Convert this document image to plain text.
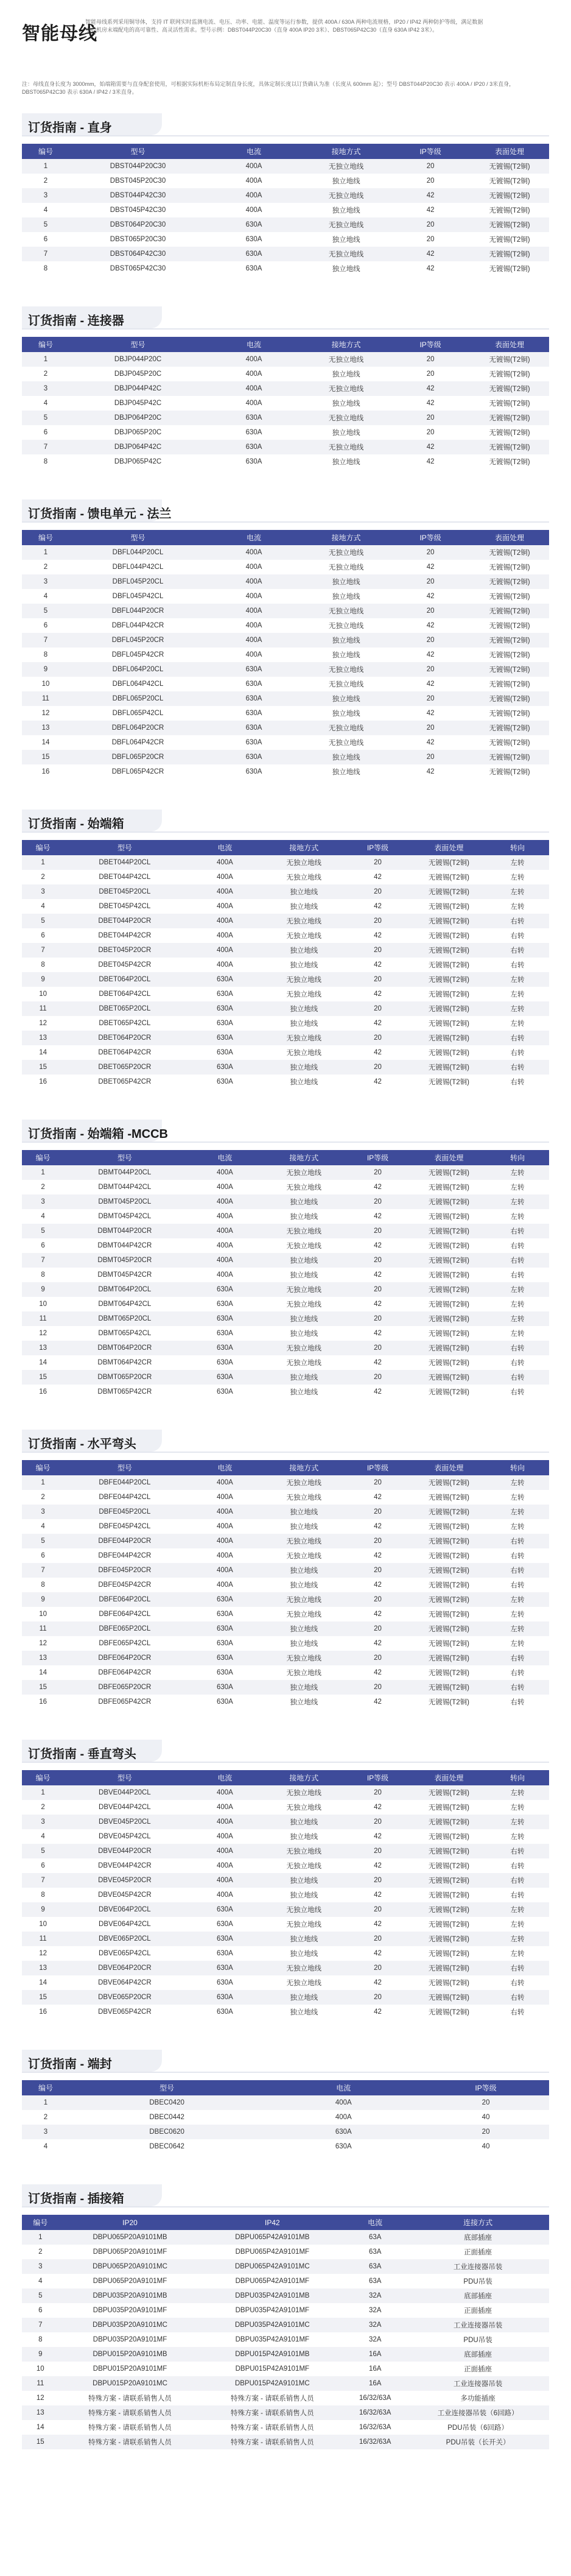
智能母线
智能母线系列采用铜导体，支持 IT 联网实时监测电流、电压、功率、电能、温度等运行参数，提供 400A / 630A 两种电流规格，IP20 / IP42 两种防护等级，满足数据中心机房末端配电的高可靠性、高灵活性需求。型号示例：DBST044P20C30（直身 400A IP20 3米）、DBST065P42C30（直身 630A IP42 3米）。
注：母线直身长度为 3000mm，始端箱需要与直身配套使用，可根据实际机柜布局定制直身长度，具体定制长度以订货确认为准（长度从 600mm 起）；型号 DBST044P20C30 表示 400A / IP20 / 3米直身，DBST065P42C30 表示 630A / IP42 / 3米直身。
订货指南 - 直身
编号	型号	电流	接地方式	IP等级	表面处理
1	DBST044P20C30	400A	无独立地线	20	无镀锡(T2铜)
2	DBST045P20C30	400A	独立地线	20	无镀锡(T2铜)
3	DBST044P42C30	400A	无独立地线	42	无镀锡(T2铜)
4	DBST045P42C30	400A	独立地线	42	无镀锡(T2铜)
5	DBST064P20C30	630A	无独立地线	20	无镀锡(T2铜)
6	DBST065P20C30	630A	独立地线	20	无镀锡(T2铜)
7	DBST064P42C30	630A	无独立地线	42	无镀锡(T2铜)
8	DBST065P42C30	630A	独立地线	42	无镀锡(T2铜)
订货指南 - 连接器
编号	型号	电流	接地方式	IP等级	表面处理
1	DBJP044P20C	400A	无独立地线	20	无镀锡(T2铜)
2	DBJP045P20C	400A	独立地线	20	无镀锡(T2铜)
3	DBJP044P42C	400A	无独立地线	42	无镀锡(T2铜)
4	DBJP045P42C	400A	独立地线	42	无镀锡(T2铜)
5	DBJP064P20C	630A	无独立地线	20	无镀锡(T2铜)
6	DBJP065P20C	630A	独立地线	20	无镀锡(T2铜)
7	DBJP064P42C	630A	无独立地线	42	无镀锡(T2铜)
8	DBJP065P42C	630A	独立地线	42	无镀锡(T2铜)
订货指南 - 馈电单元 - 法兰
编号	型号	电流	接地方式	IP等级	表面处理
1	DBFL044P20CL	400A	无独立地线	20	无镀锡(T2铜)
2	DBFL044P42CL	400A	无独立地线	42	无镀锡(T2铜)
3	DBFL045P20CL	400A	独立地线	20	无镀锡(T2铜)
4	DBFL045P42CL	400A	独立地线	42	无镀锡(T2铜)
5	DBFL044P20CR	400A	无独立地线	20	无镀锡(T2铜)
6	DBFL044P42CR	400A	无独立地线	42	无镀锡(T2铜)
7	DBFL045P20CR	400A	独立地线	20	无镀锡(T2铜)
8	DBFL045P42CR	400A	独立地线	42	无镀锡(T2铜)
9	DBFL064P20CL	630A	无独立地线	20	无镀锡(T2铜)
10	DBFL064P42CL	630A	无独立地线	42	无镀锡(T2铜)
11	DBFL065P20CL	630A	独立地线	20	无镀锡(T2铜)
12	DBFL065P42CL	630A	独立地线	42	无镀锡(T2铜)
13	DBFL064P20CR	630A	无独立地线	20	无镀锡(T2铜)
14	DBFL064P42CR	630A	无独立地线	42	无镀锡(T2铜)
15	DBFL065P20CR	630A	独立地线	20	无镀锡(T2铜)
16	DBFL065P42CR	630A	独立地线	42	无镀锡(T2铜)
订货指南 - 始端箱
编号	型号	电流	接地方式	IP等级	表面处理	转向
1	DBET044P20CL	400A	无独立地线	20	无镀锡(T2铜)	左转
2	DBET044P42CL	400A	无独立地线	42	无镀锡(T2铜)	左转
3	DBET045P20CL	400A	独立地线	20	无镀锡(T2铜)	左转
4	DBET045P42CL	400A	独立地线	42	无镀锡(T2铜)	左转
5	DBET044P20CR	400A	无独立地线	20	无镀锡(T2铜)	右转
6	DBET044P42CR	400A	无独立地线	42	无镀锡(T2铜)	右转
7	DBET045P20CR	400A	独立地线	20	无镀锡(T2铜)	右转
8	DBET045P42CR	400A	独立地线	42	无镀锡(T2铜)	右转
9	DBET064P20CL	630A	无独立地线	20	无镀锡(T2铜)	左转
10	DBET064P42CL	630A	无独立地线	42	无镀锡(T2铜)	左转
11	DBET065P20CL	630A	独立地线	20	无镀锡(T2铜)	左转
12	DBET065P42CL	630A	独立地线	42	无镀锡(T2铜)	左转
13	DBET064P20CR	630A	无独立地线	20	无镀锡(T2铜)	右转
14	DBET064P42CR	630A	无独立地线	42	无镀锡(T2铜)	右转
15	DBET065P20CR	630A	独立地线	20	无镀锡(T2铜)	右转
16	DBET065P42CR	630A	独立地线	42	无镀锡(T2铜)	右转
订货指南 - 始端箱 -MCCB
编号	型号	电流	接地方式	IP等级	表面处理	转向
1	DBMT044P20CL	400A	无独立地线	20	无镀锡(T2铜)	左转
2	DBMT044P42CL	400A	无独立地线	42	无镀锡(T2铜)	左转
3	DBMT045P20CL	400A	独立地线	20	无镀锡(T2铜)	左转
4	DBMT045P42CL	400A	独立地线	42	无镀锡(T2铜)	左转
5	DBMT044P20CR	400A	无独立地线	20	无镀锡(T2铜)	右转
6	DBMT044P42CR	400A	无独立地线	42	无镀锡(T2铜)	右转
7	DBMT045P20CR	400A	独立地线	20	无镀锡(T2铜)	右转
8	DBMT045P42CR	400A	独立地线	42	无镀锡(T2铜)	右转
9	DBMT064P20CL	630A	无独立地线	20	无镀锡(T2铜)	左转
10	DBMT064P42CL	630A	无独立地线	42	无镀锡(T2铜)	左转
11	DBMT065P20CL	630A	独立地线	20	无镀锡(T2铜)	左转
12	DBMT065P42CL	630A	独立地线	42	无镀锡(T2铜)	左转
13	DBMT064P20CR	630A	无独立地线	20	无镀锡(T2铜)	右转
14	DBMT064P42CR	630A	无独立地线	42	无镀锡(T2铜)	右转
15	DBMT065P20CR	630A	独立地线	20	无镀锡(T2铜)	右转
16	DBMT065P42CR	630A	独立地线	42	无镀锡(T2铜)	右转
订货指南 - 水平弯头
编号	型号	电流	接地方式	IP等级	表面处理	转向
1	DBFE044P20CL	400A	无独立地线	20	无镀锡(T2铜)	左转
2	DBFE044P42CL	400A	无独立地线	42	无镀锡(T2铜)	左转
3	DBFE045P20CL	400A	独立地线	20	无镀锡(T2铜)	左转
4	DBFE045P42CL	400A	独立地线	42	无镀锡(T2铜)	左转
5	DBFE044P20CR	400A	无独立地线	20	无镀锡(T2铜)	右转
6	DBFE044P42CR	400A	无独立地线	42	无镀锡(T2铜)	右转
7	DBFE045P20CR	400A	独立地线	20	无镀锡(T2铜)	右转
8	DBFE045P42CR	400A	独立地线	42	无镀锡(T2铜)	右转
9	DBFE064P20CL	630A	无独立地线	20	无镀锡(T2铜)	左转
10	DBFE064P42CL	630A	无独立地线	42	无镀锡(T2铜)	左转
11	DBFE065P20CL	630A	独立地线	20	无镀锡(T2铜)	左转
12	DBFE065P42CL	630A	独立地线	42	无镀锡(T2铜)	左转
13	DBFE064P20CR	630A	无独立地线	20	无镀锡(T2铜)	右转
14	DBFE064P42CR	630A	无独立地线	42	无镀锡(T2铜)	右转
15	DBFE065P20CR	630A	独立地线	20	无镀锡(T2铜)	右转
16	DBFE065P42CR	630A	独立地线	42	无镀锡(T2铜)	右转
订货指南 - 垂直弯头
编号	型号	电流	接地方式	IP等级	表面处理	转向
1	DBVE044P20CL	400A	无独立地线	20	无镀锡(T2铜)	左转
2	DBVE044P42CL	400A	无独立地线	42	无镀锡(T2铜)	左转
3	DBVE045P20CL	400A	独立地线	20	无镀锡(T2铜)	左转
4	DBVE045P42CL	400A	独立地线	42	无镀锡(T2铜)	左转
5	DBVE044P20CR	400A	无独立地线	20	无镀锡(T2铜)	右转
6	DBVE044P42CR	400A	无独立地线	42	无镀锡(T2铜)	右转
7	DBVE045P20CR	400A	独立地线	20	无镀锡(T2铜)	右转
8	DBVE045P42CR	400A	独立地线	42	无镀锡(T2铜)	右转
9	DBVE064P20CL	630A	无独立地线	20	无镀锡(T2铜)	左转
10	DBVE064P42CL	630A	无独立地线	42	无镀锡(T2铜)	左转
11	DBVE065P20CL	630A	独立地线	20	无镀锡(T2铜)	左转
12	DBVE065P42CL	630A	独立地线	42	无镀锡(T2铜)	左转
13	DBVE064P20CR	630A	无独立地线	20	无镀锡(T2铜)	右转
14	DBVE064P42CR	630A	无独立地线	42	无镀锡(T2铜)	右转
15	DBVE065P20CR	630A	独立地线	20	无镀锡(T2铜)	右转
16	DBVE065P42CR	630A	独立地线	42	无镀锡(T2铜)	右转
订货指南 - 端封
编号	型号	电流	IP等级
1	DBEC0420	400A	20
2	DBEC0442	400A	40
3	DBEC0620	630A	20
4	DBEC0642	630A	40
订货指南 - 插接箱
编号	IP20	IP42	电流	连接方式
1	DBPU065P20A9101MB	DBPU065P42A9101MB	63A	底部插座
2	DBPU065P20A9101MF	DBPU065P42A9101MF	63A	正面插座
3	DBPU065P20A9101MC	DBPU065P42A9101MC	63A	工业连接器吊装
4	DBPU065P20A9101MF	DBPU065P42A9101MF	63A	PDU吊装
5	DBPU035P20A9101MB	DBPU035P42A9101MB	32A	底部插座
6	DBPU035P20A9101MF	DBPU035P42A9101MF	32A	正面插座
7	DBPU035P20A9101MC	DBPU035P42A9101MC	32A	工业连接器吊装
8	DBPU035P20A9101MF	DBPU035P42A9101MF	32A	PDU吊装
9	DBPU015P20A9101MB	DBPU015P42A9101MB	16A	底部插座
10	DBPU015P20A9101MF	DBPU015P42A9101MF	16A	正面插座
11	DBPU015P20A9101MC	DBPU015P42A9101MC	16A	工业连接器吊装
12	特殊方案 - 请联系销售人员	特殊方案 - 请联系销售人员	16/32/63A	多功能插座
13	特殊方案 - 请联系销售人员	特殊方案 - 请联系销售人员	16/32/63A	工业连接器吊装（6回路）
14	特殊方案 - 请联系销售人员	特殊方案 - 请联系销售人员	16/32/63A	PDU吊装（6回路）
15	特殊方案 - 请联系销售人员	特殊方案 - 请联系销售人员	16/32/63A	PDU吊装（长开关）
